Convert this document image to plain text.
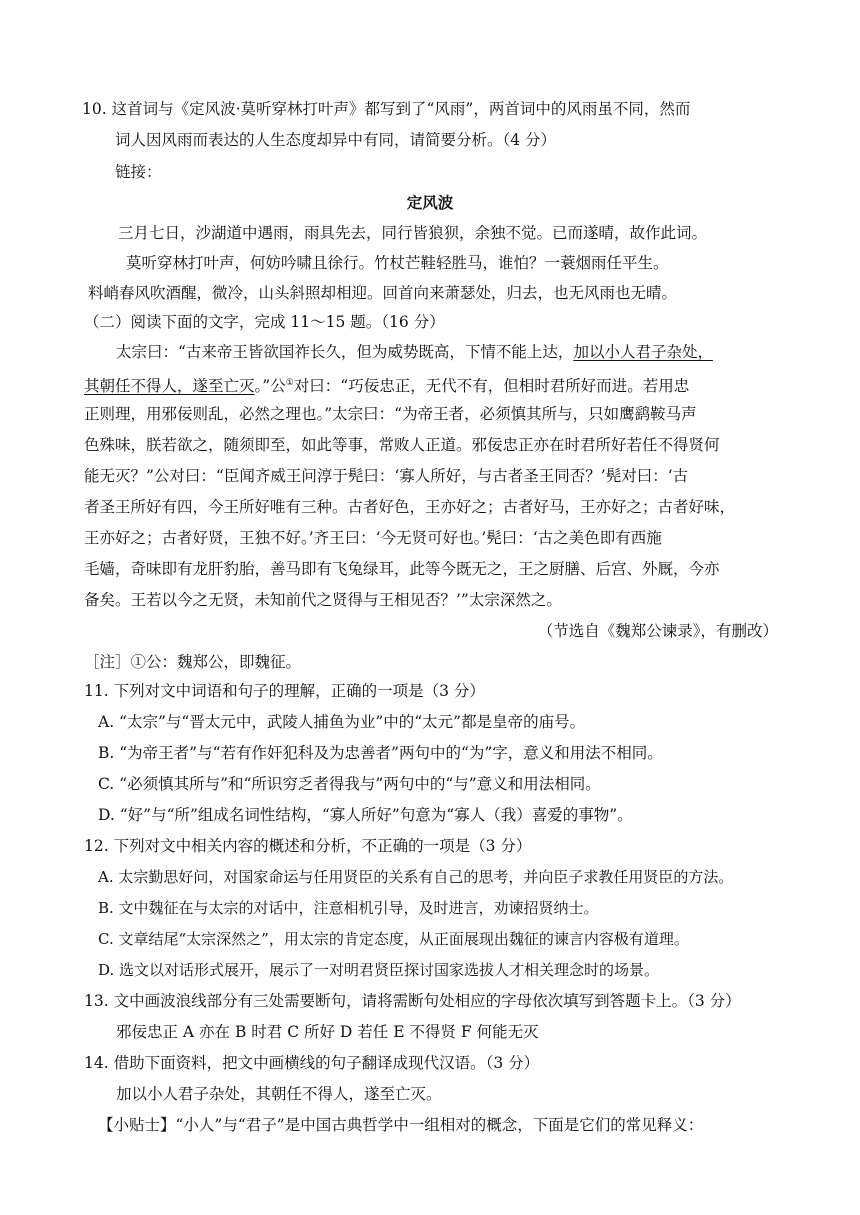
10. 这首词与《定风波·莫听穿林打叶声》都写到了“风雨”，两首词中的风雨虽不同，然而
词人因风雨而表达的人生态度却异中有同，请简要分析。（4 分）
链接：
定风波
三月七日，沙湖道中遇雨，雨具先去，同行皆狼狈，余独不觉。已而遂晴，故作此词。
莫听穿林打叶声，何妨吟啸且徐行。竹杖芒鞋轻胜马，谁怕？一蓑烟雨任平生。
料峭春风吹酒醒，微冷，山头斜照却相迎。回首向来萧瑟处，归去，也无风雨也无晴。
（二）阅读下面的文字，完成 11～15 题。（16 分）
太宗曰：“古来帝王皆欲国祚长久，但为威势既高，下情不能上达，加以小人君子杂处，
其朝任不得人，遂至亡灭。”公①对曰：“巧佞忠正，无代不有，但相时君所好而进。若用忠
正则理，用邪佞则乱，必然之理也。”太宗曰：“为帝王者，必须慎其所与，只如鹰鹞鞍马声
色殊味，朕若欲之，随须即至，如此等事，常败人正道。邪佞忠正亦在时君所好若任不得贤何
能无灭？”公对曰：“臣闻齐威王问淳于髡曰：‘寡人所好，与古者圣王同否？’髡对曰：‘古
者圣王所好有四，今王所好唯有三种。古者好色，王亦好之；古者好马，王亦好之；古者好味，
王亦好之；古者好贤，王独不好。’齐王曰：‘今无贤可好也。’髡曰：‘古之美色即有西施
毛嫱，奇味即有龙肝豹胎，善马即有飞兔绿耳，此等今既无之，王之厨膳、后宫、外厩，今亦
备矣。王若以今之无贤，未知前代之贤得与王相见否？’”太宗深然之。
（节选自《魏郑公谏录》，有删改）
［注］①公：魏郑公，即魏征。
11. 下列对文中词语和句子的理解，正确的一项是（3 分）
A. “太宗”与“晋太元中，武陵人捕鱼为业”中的“太元”都是皇帝的庙号。
B. “为帝王者”与“若有作奸犯科及为忠善者”两句中的“为”字，意义和用法不相同。
C. “必须慎其所与”和“所识穷乏者得我与”两句中的“与”意义和用法相同。
D. “好”与“所”组成名词性结构，“寡人所好”句意为“寡人（我）喜爱的事物”。
12. 下列对文中相关内容的概述和分析，不正确的一项是（3 分）
A. 太宗勤思好问，对国家命运与任用贤臣的关系有自己的思考，并向臣子求教任用贤臣的方法。
B. 文中魏征在与太宗的对话中，注意相机引导，及时进言，劝谏招贤纳士。
C. 文章结尾“太宗深然之”，用太宗的肯定态度，从正面展现出魏征的谏言内容极有道理。
D. 选文以对话形式展开，展示了一对明君贤臣探讨国家选拔人才相关理念时的场景。
13. 文中画波浪线部分有三处需要断句，请将需断句处相应的字母依次填写到答题卡上。（3 分）
邪佞忠正 A 亦在 B 时君 C 所好 D 若任 E 不得贤 F 何能无灭
14. 借助下面资料，把文中画横线的句子翻译成现代汉语。（3 分）
加以小人君子杂处，其朝任不得人，遂至亡灭。
【小贴士】“小人”与“君子”是中国古典哲学中一组相对的概念，下面是它们的常见释义：
